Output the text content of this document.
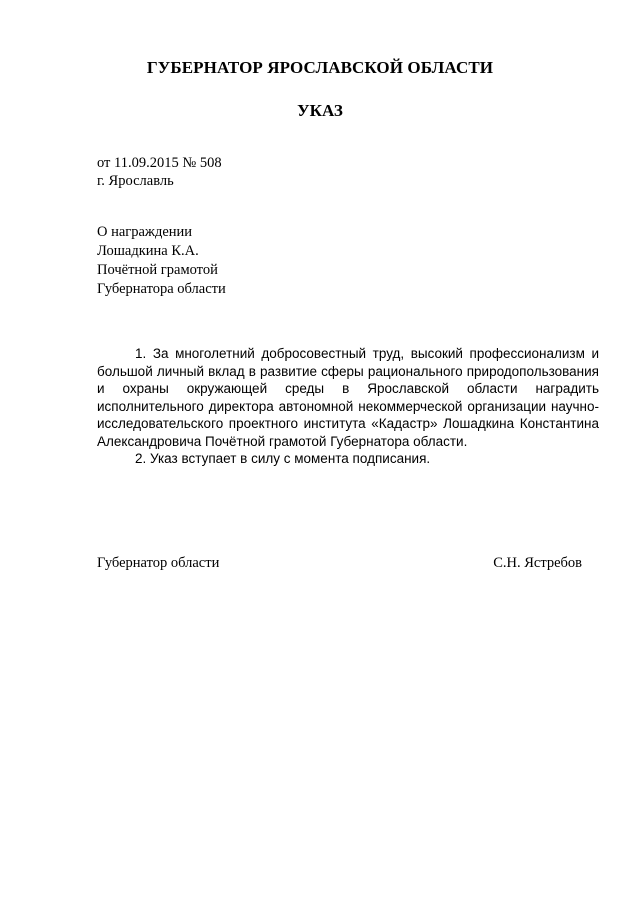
ГУБЕРНАТОР ЯРОСЛАВСКОЙ ОБЛАСТИ
УКАЗ
от 11.09.2015 № 508
г. Ярославль
О награждении
Лошадкина К.А.
Почётной грамотой
Губернатора области

1. За многолетний добросовестный труд, высокий профессионализм и большой личный вклад в развитие сферы рационального природопользования и охраны окружающей среды в Ярославской области наградить исполнительного директора автономной некоммерческой организации научно-исследовательского проектного института «Кадастр» Лошадкина Константина Александровича Почётной грамотой Губернатора области.

2. Указ вступает в силу с момента подписания.

Губернатор области	С.Н. Ястребов
